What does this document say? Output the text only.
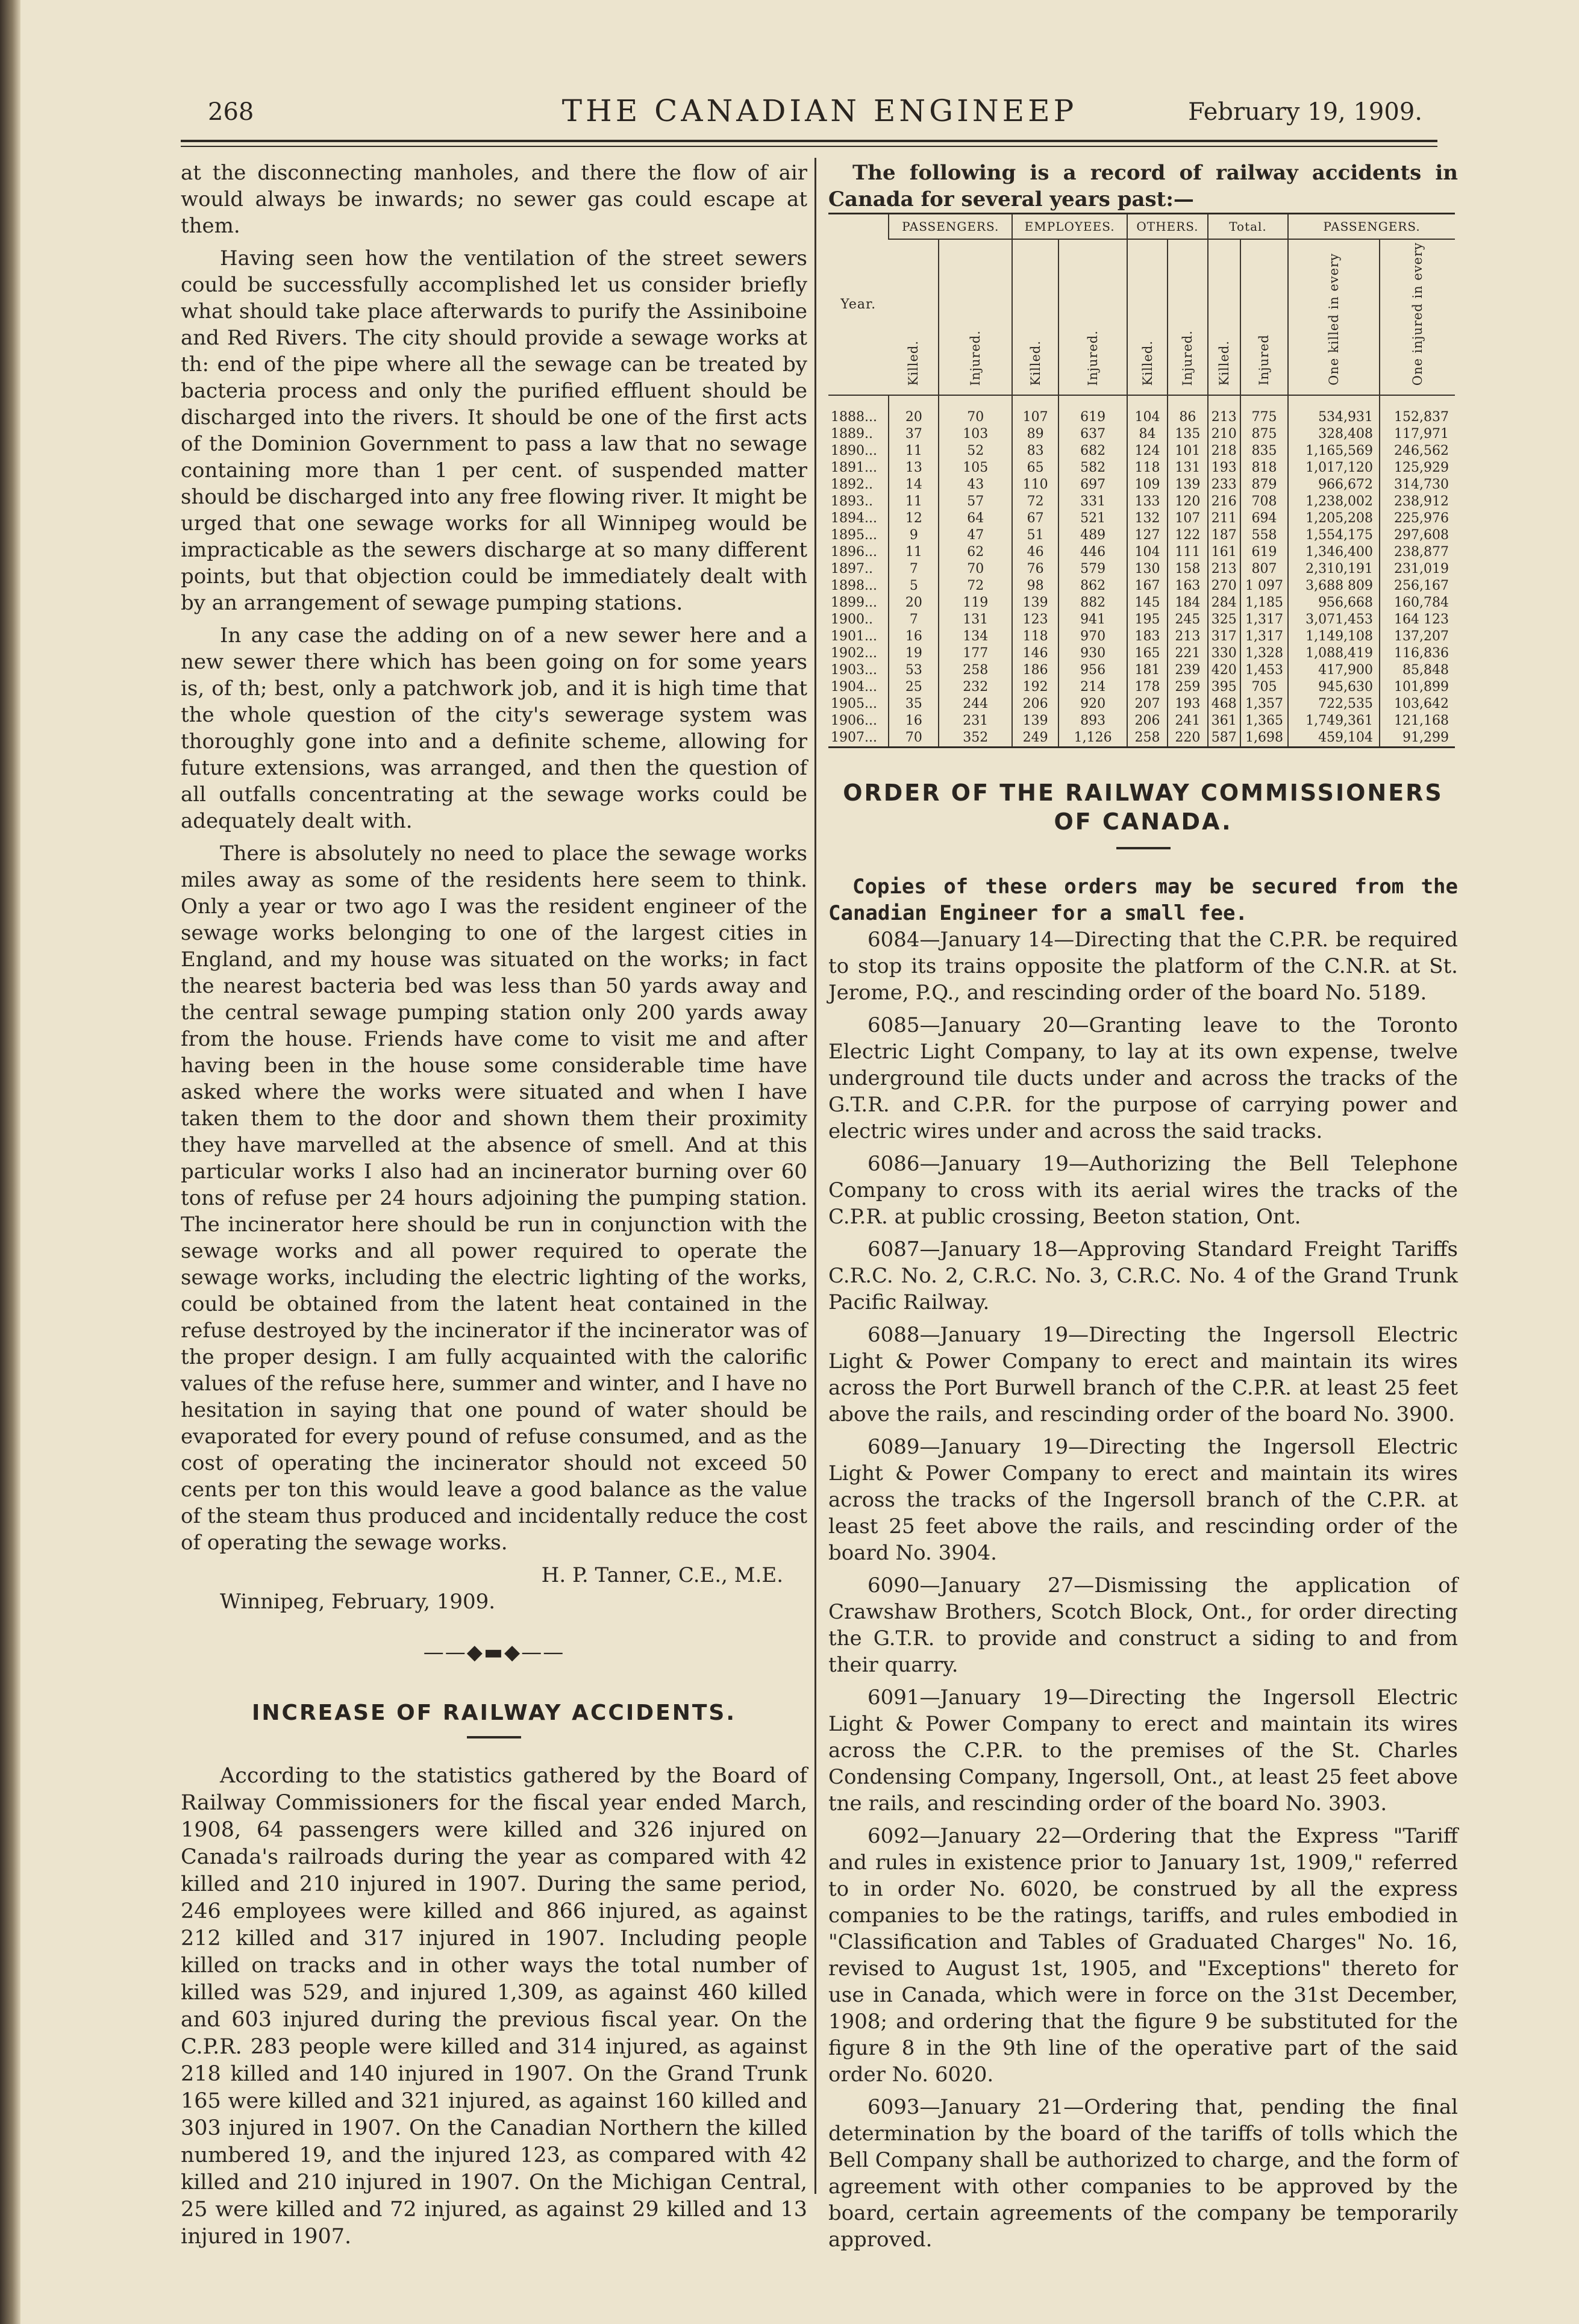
268	THE CANADIAN ENGINEEP	February 19, 1909.

at the disconnecting manholes, and there the flow of air would always be inwards; no sewer gas could escape at them.

Having seen how the ventilation of the street sewers could be successfully accomplished let us consider briefly what should take place afterwards to purify the Assiniboine and Red Rivers. The city should provide a sewage works at th: end of the pipe where all the sewage can be treated by bacteria process and only the purified effluent should be discharged into the rivers. It should be one of the first acts of the Dominion Government to pass a law that no sewage containing more than 1 per cent. of suspended matter should be discharged into any free flowing river. It might be urged that one sewage works for all Winnipeg would be impracticable as the sewers discharge at so many different points, but that objection could be immediately dealt with by an arrangement of sewage pumping stations.

In any case the adding on of a new sewer here and a new sewer there which has been going on for some years is, of th; best, only a patchwork job, and it is high time that the whole question of the city's sewerage system was thoroughly gone into and a definite scheme, allowing for future extensions, was arranged, and then the question of all outfalls concentrating at the sewage works could be adequately dealt with.

There is absolutely no need to place the sewage works miles away as some of the residents here seem to think. Only a year or two ago I was the resident engineer of the sewage works belonging to one of the largest cities in England, and my house was situated on the works; in fact the nearest bacteria bed was less than 50 yards away and the central sewage pumping station only 200 yards away from the house. Friends have come to visit me and after having been in the house some considerable time have asked where the works were situated and when I have taken them to the door and shown them their proximity they have marvelled at the absence of smell. And at this particular works I also had an incinerator burning over 60 tons of refuse per 24 hours adjoining the pumping station. The incinerator here should be run in conjunction with the sewage works and all power required to operate the sewage works, including the electric lighting of the works, could be obtained from the latent heat contained in the refuse destroyed by the incinerator if the incinerator was of the proper design. I am fully acquainted with the calorific values of the refuse here, summer and winter, and I have no hesitation in saying that one pound of water should be evaporated for every pound of refuse consumed, and as the cost of operating the incinerator should not exceed 50 cents per ton this would leave a good balance as the value of the steam thus produced and incidentally reduce the cost of operating the sewage works.

H. P. Tanner, C.E., M.E.
Winnipeg, February, 1909.
——◆▬◆——
INCREASE OF RAILWAY ACCIDENTS.

According to the statistics gathered by the Board of Railway Commissioners for the fiscal year ended March, 1908, 64 passengers were killed and 326 injured on Canada's railroads during the year as compared with 42 killed and 210 injured in 1907. During the same period, 246 employees were killed and 866 injured, as against 212 killed and 317 injured in 1907. Including people killed on tracks and in other ways the total number of killed was 529, and injured 1,309, as against 460 killed and 603 injured during the previous fiscal year. On the C.P.R. 283 people were killed and 314 injured, as against 218 killed and 140 injured in 1907. On the Grand Trunk 165 were killed and 321 injured, as against 160 killed and 303 injured in 1907. On the Canadian Northern the killed numbered 19, and the injured 123, as compared with 42 killed and 210 injured in 1907. On the Michigan Central, 25 were killed and 72 injured, as against 29 killed and 13 injured in 1907.

The following is a record of railway accidents in Canada for several years past:—

Year.	PASSENGERS.		EMPLOYEES.		OTHERS.		Total.		PASSENGERS.	
	Killed.	Injured.	Killed.	Injured.	Killed.	Injured.	Killed.	Injured	One killed in every	One injured in every

1888...	20	70	107	619	104	86	213	775	534,931	152,837
1889..	37	103	89	637	84	135	210	875	328,408	117,971
1890...	11	52	83	682	124	101	218	835	1,165,569	246,562
1891...	13	105	65	582	118	131	193	818	1,017,120	125,929
1892..	14	43	110	697	109	139	233	879	966,672	314,730
1893..	11	57	72	331	133	120	216	708	1,238,002	238,912
1894...	12	64	67	521	132	107	211	694	1,205,208	225,976
1895...	9	47	51	489	127	122	187	558	1,554,175	297,608
1896...	11	62	46	446	104	111	161	619	1,346,400	238,877
1897..	7	70	76	579	130	158	213	807	2,310,191	231,019
1898...	5	72	98	862	167	163	270	1 097	3,688 809	256,167
1899...	20	119	139	882	145	184	284	1,185	956,668	160,784
1900..	7	131	123	941	195	245	325	1,317	3,071,453	164 123
1901...	16	134	118	970	183	213	317	1,317	1,149,108	137,207
1902...	19	177	146	930	165	221	330	1,328	1,088,419	116,836
1903...	53	258	186	956	181	239	420	1,453	417,900	85,848
1904...	25	232	192	214	178	259	395	705	945,630	101,899
1905...	35	244	206	920	207	193	468	1,357	722,535	103,642
1906...	16	231	139	893	206	241	361	1,365	1,749,361	121,168
1907...	70	352	249	1,126	258	220	587	1,698	459,104	91,299
ORDER OF THE RAILWAY COMMISSIONERS OF CANADA.

Copies of these orders may be secured from the Canadian Engineer for a small fee.

6084—January 14—Directing that the C.P.R. be required to stop its trains opposite the platform of the C.N.R. at St. Jerome, P.Q., and rescinding order of the board No. 5189.

6085—January 20—Granting leave to the Toronto Electric Light Company, to lay at its own expense, twelve underground tile ducts under and across the tracks of the G.T.R. and C.P.R. for the purpose of carrying power and electric wires under and across the said tracks.

6086—January 19—Authorizing the Bell Telephone Company to cross with its aerial wires the tracks of the C.P.R. at public crossing, Beeton station, Ont.

6087—January 18—Approving Standard Freight Tariffs C.R.C. No. 2, C.R.C. No. 3, C.R.C. No. 4 of the Grand Trunk Pacific Railway.

6088—January 19—Directing the Ingersoll Electric Light & Power Company to erect and maintain its wires across the Port Burwell branch of the C.P.R. at least 25 feet above the rails, and rescinding order of the board No. 3900.

6089—January 19—Directing the Ingersoll Electric Light & Power Company to erect and maintain its wires across the tracks of the Ingersoll branch of the C.P.R. at least 25 feet above the rails, and rescinding order of the board No. 3904.

6090—January 27—Dismissing the application of Crawshaw Brothers, Scotch Block, Ont., for order directing the G.T.R. to provide and construct a siding to and from their quarry.

6091—January 19—Directing the Ingersoll Electric Light & Power Company to erect and maintain its wires across the C.P.R. to the premises of the St. Charles Condensing Company, Ingersoll, Ont., at least 25 feet above tne rails, and rescinding order of the board No. 3903.

6092—January 22—Ordering that the Express "Tariff and rules in existence prior to January 1st, 1909," referred to in order No. 6020, be construed by all the express companies to be the ratings, tariffs, and rules embodied in "Classification and Tables of Graduated Charges" No. 16, revised to August 1st, 1905, and "Exceptions" thereto for use in Canada, which were in force on the 31st December, 1908; and ordering that the figure 9 be substituted for the figure 8 in the 9th line of the operative part of the said order No. 6020.

6093—January 21—Ordering that, pending the final determination by the board of the tariffs of tolls which the Bell Company shall be authorized to charge, and the form of agreement with other companies to be approved by the board, certain agreements of the company be temporarily approved.
